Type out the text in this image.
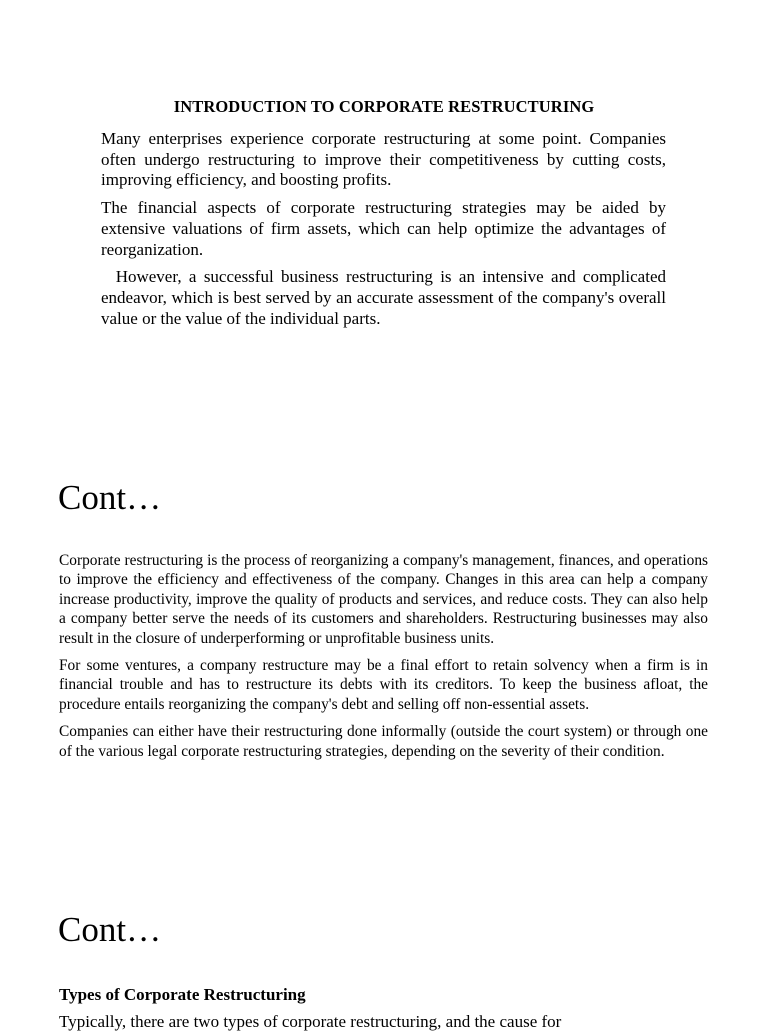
INTRODUCTION TO CORPORATE RESTRUCTURING

Many enterprises experience corporate restructuring at some point. Companies often undergo restructuring to improve their competitiveness by cutting costs, improving efficiency, and boosting profits.

The financial aspects of corporate restructuring strategies may be aided by extensive valuations of firm assets, which can help optimize the advantages of reorganization.

However, a successful business restructuring is an intensive and complicated endeavor, which is best served by an accurate assessment of the company's overall value or the value of the individual parts.

Cont…

Corporate restructuring is the process of reorganizing a company's management, finances, and operations to improve the efficiency and effectiveness of the company. Changes in this area can help a company increase productivity, improve the quality of products and services, and reduce costs. They can also help a company better serve the needs of its customers and shareholders. Restructuring businesses may also result in the closure of underperforming or unprofitable business units.

For some ventures, a company restructure may be a final effort to retain solvency when a firm is in financial trouble and has to restructure its debts with its creditors. To keep the business afloat, the procedure entails reorganizing the company's debt and selling off non-essential assets.

Companies can either have their restructuring done informally (outside the court system) or through one of the various legal corporate restructuring strategies, depending on the severity of their condition.

Cont…
Types of Corporate Restructuring

Typically, there are two types of corporate restructuring, and the cause for
